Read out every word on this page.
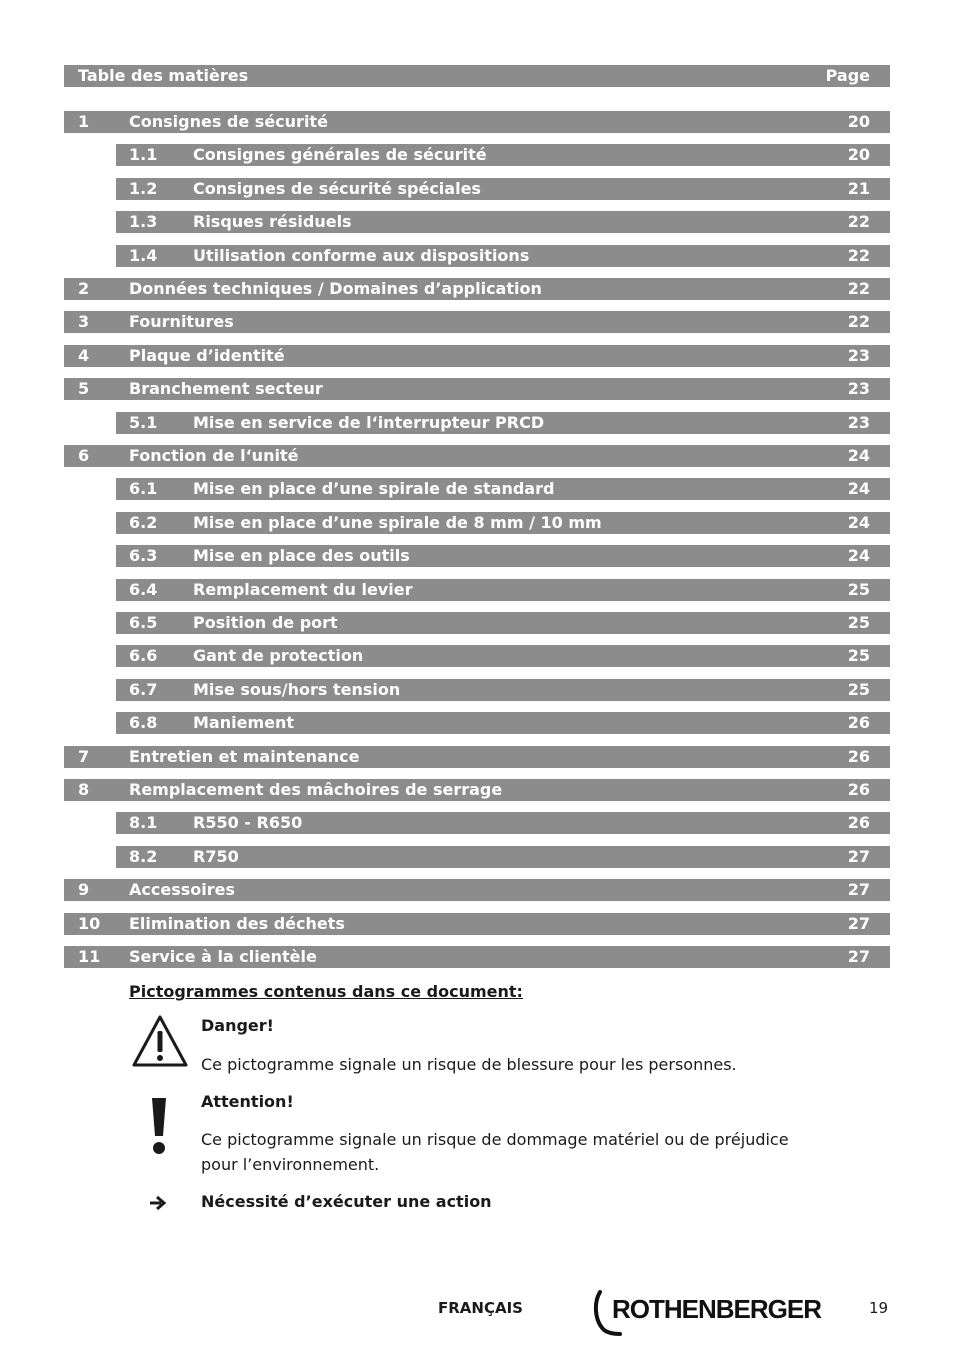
Table des matières	Page
1 Consignes de sécurité	20
1.1 Consignes générales de sécurité	20
1.2 Consignes de sécurité spéciales	21
1.3 Risques résiduels	22
1.4 Utilisation conforme aux dispositions	22
2 Données techniques / Domaines d’application	22
3 Fournitures	22
4 Plaque d’identité	23
5 Branchement secteur	23
5.1 Mise en service de l‘interrupteur PRCD	23
6 Fonction de l‘unité	24
6.1 Mise en place d’une spirale de standard	24
6.2 Mise en place d’une spirale de 8 mm / 10 mm	24
6.3 Mise en place des outils	24
6.4 Remplacement du levier	25
6.5 Position de port	25
6.6 Gant de protection	25
6.7 Mise sous/hors tension	25
6.8 Maniement	26
7 Entretien et maintenance	26
8 Remplacement des mâchoires de serrage	26
8.1 R550 - R650	26
8.2 R750	27
9 Accessoires	27
10 Elimination des déchets	27
11 Service à la clientèle	27
Pictogrammes contenus dans ce document:
Danger!
Ce pictogramme signale un risque de blessure pour les personnes.
Attention!
Ce pictogramme signale un risque de dommage matériel ou de préjudice
pour l’environnement.
Nécessité d’exécuter une action
FRANÇAIS	ROTHENBERGER	19
